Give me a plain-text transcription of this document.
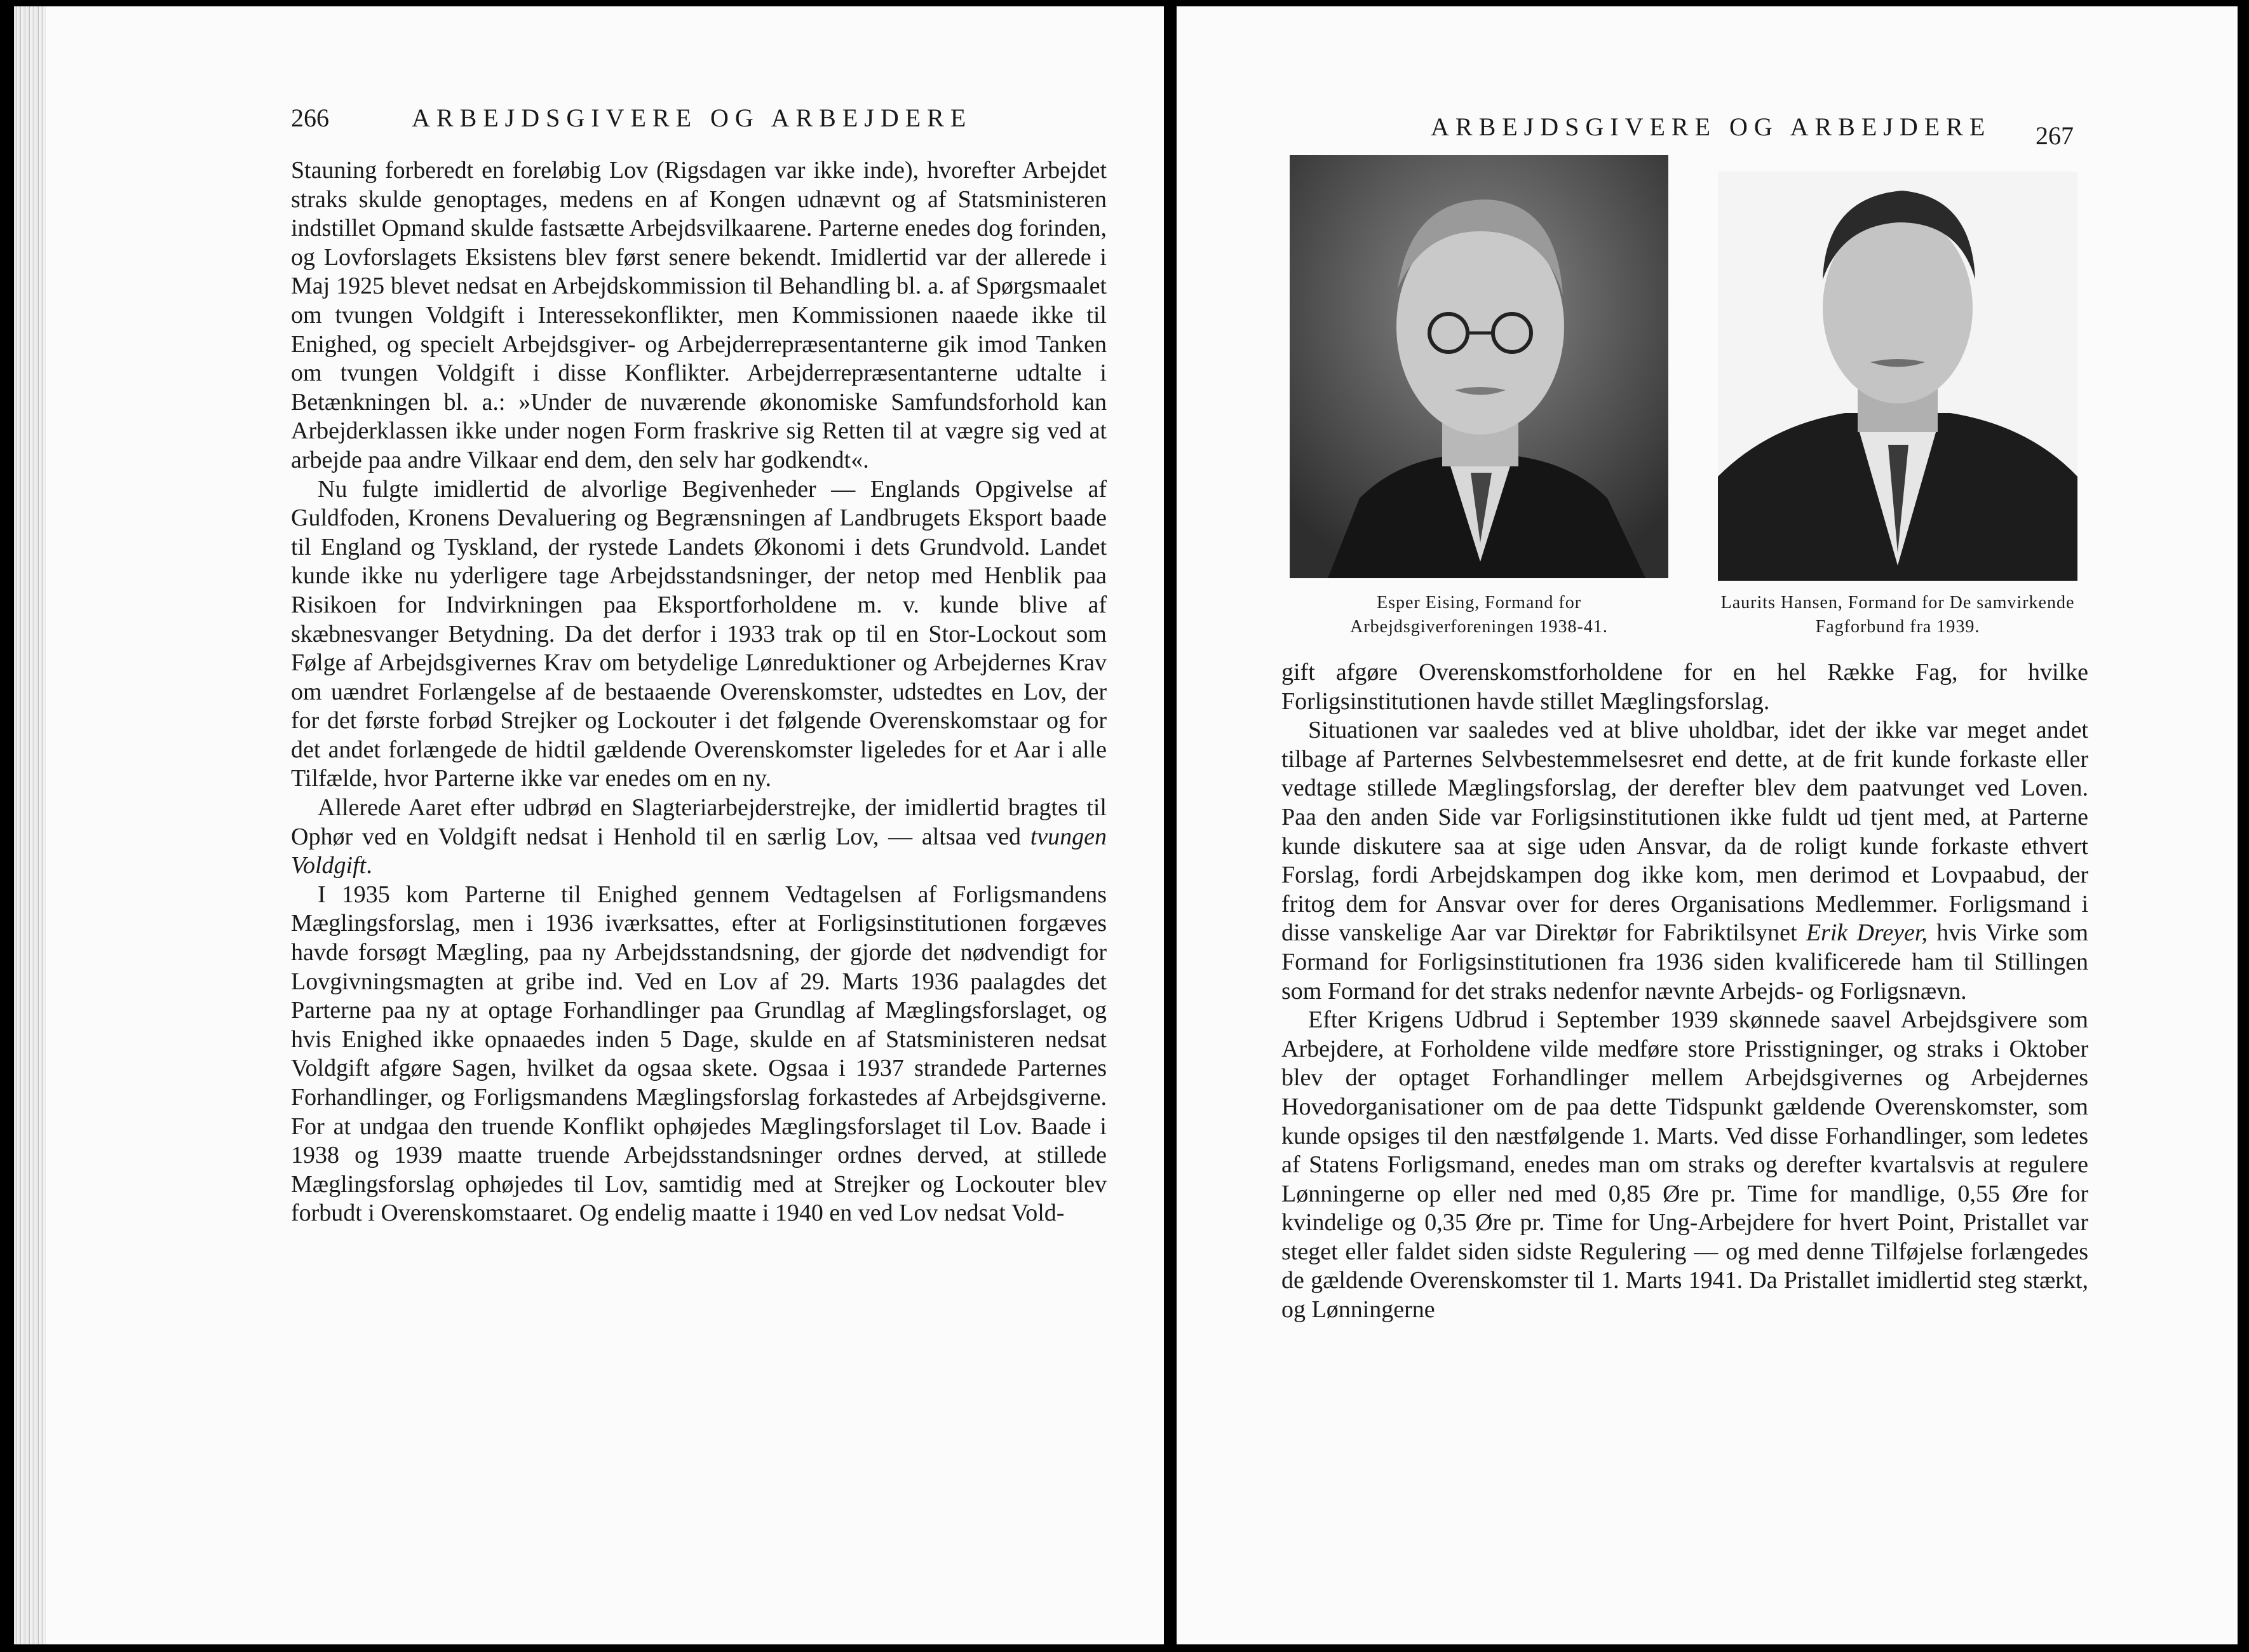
266	ARBEJDSGIVERE OG ARBEJDERE

Stauning forberedt en foreløbig Lov (Rigsdagen var ikke inde), hvorefter Arbejdet straks skulde genoptages, medens en af Kongen udnævnt og af Statsministeren indstillet Opmand skulde fastsætte Arbejdsvilkaarene. Parterne enedes dog forinden, og Lovforslagets Eksistens blev først senere bekendt. Imidlertid var der allerede i Maj 1925 blevet nedsat en Arbejdskommission til Behandling bl. a. af Spørgsmaalet om tvungen Voldgift i Interessekonflikter, men Kommissionen naaede ikke til Enighed, og specielt Arbejdsgiver- og Arbejderrepræsentanterne gik imod Tanken om tvungen Voldgift i disse Konflikter. Arbejderrepræsentanterne udtalte i Betænkningen bl. a.: »Under de nuværende økonomiske Samfundsforhold kan Arbejderklassen ikke under nogen Form fraskrive sig Retten til at vægre sig ved at arbejde paa andre Vilkaar end dem, den selv har godkendt«.

Nu fulgte imidlertid de alvorlige Begivenheder — Englands Opgivelse af Guldfoden, Kronens Devaluering og Begrænsningen af Landbrugets Eksport baade til England og Tyskland, der rystede Landets Økonomi i dets Grundvold. Landet kunde ikke nu yderligere tage Arbejdsstandsninger, der netop med Henblik paa Risikoen for Indvirkningen paa Eksportforholdene m. v. kunde blive af skæbnesvanger Betydning. Da det derfor i 1933 trak op til en Stor-Lockout som Følge af Arbejdsgivernes Krav om betydelige Lønreduktioner og Arbejdernes Krav om uændret Forlængelse af de bestaaende Overenskomster, udstedtes en Lov, der for det første forbød Strejker og Lockouter i det følgende Overenskomstaar og for det andet forlængede de hidtil gældende Overenskomster ligeledes for et Aar i alle Tilfælde, hvor Parterne ikke var enedes om en ny.

Allerede Aaret efter udbrød en Slagteriarbejderstrejke, der imidlertid bragtes til Ophør ved en Voldgift nedsat i Henhold til en særlig Lov, — altsaa ved tvungen Voldgift.

I 1935 kom Parterne til Enighed gennem Vedtagelsen af Forligsmandens Mæglingsforslag, men i 1936 iværksattes, efter at Forligsinstitutionen forgæves havde forsøgt Mægling, paa ny Arbejdsstandsning, der gjorde det nødvendigt for Lovgivningsmagten at gribe ind. Ved en Lov af 29. Marts 1936 paalagdes det Parterne paa ny at optage Forhandlinger paa Grundlag af Mæglingsforslaget, og hvis Enighed ikke opnaaedes inden 5 Dage, skulde en af Statsministeren nedsat Voldgift afgøre Sagen, hvilket da ogsaa skete. Ogsaa i 1937 strandede Parternes Forhandlinger, og Forligsmandens Mæglingsforslag forkastedes af Arbejdsgiverne. For at undgaa den truende Konflikt ophøjedes Mæglingsforslaget til Lov. Baade i 1938 og 1939 maatte truende Arbejdsstandsninger ordnes derved, at stillede Mæglingsforslag ophøjedes til Lov, samtidig med at Strejker og Lockouter blev forbudt i Overenskomstaaret. Og endelig maatte i 1940 en ved Lov nedsat Vold-

ARBEJDSGIVERE OG ARBEJDERE 267
Esper Eising, Formand for Arbejdsgiverforeningen 1938-41.
Laurits Hansen, Formand for De samvirkende Fagforbund fra 1939.

gift afgøre Overenskomstforholdene for en hel Række Fag, for hvilke Forligsinstitutionen havde stillet Mæglingsforslag.

Situationen var saaledes ved at blive uholdbar, idet der ikke var meget andet tilbage af Parternes Selvbestemmelsesret end dette, at de frit kunde forkaste eller vedtage stillede Mæglingsforslag, der derefter blev dem paatvunget ved Loven. Paa den anden Side var Forligsinstitutionen ikke fuldt ud tjent med, at Parterne kunde diskutere saa at sige uden Ansvar, da de roligt kunde forkaste ethvert Forslag, fordi Arbejdskampen dog ikke kom, men derimod et Lovpaabud, der fritog dem for Ansvar over for deres Organisations Medlemmer. Forligsmand i disse vanskelige Aar var Direktør for Fabriktilsynet Erik Dreyer, hvis Virke som Formand for Forligsinstitutionen fra 1936 siden kvalificerede ham til Stillingen som Formand for det straks nedenfor nævnte Arbejds- og Forligsnævn.

Efter Krigens Udbrud i September 1939 skønnede saavel Arbejdsgivere som Arbejdere, at Forholdene vilde medføre store Prisstigninger, og straks i Oktober blev der optaget Forhandlinger mellem Arbejdsgivernes og Arbejdernes Hovedorganisationer om de paa dette Tidspunkt gældende Overenskomster, som kunde opsiges til den næstfølgende 1. Marts. Ved disse Forhandlinger, som ledetes af Statens Forligsmand, enedes man om straks og derefter kvartalsvis at regulere Lønningerne op eller ned med 0,85 Øre pr. Time for mandlige, 0,55 Øre for kvindelige og 0,35 Øre pr. Time for Ung-Arbejdere for hvert Point, Pristallet var steget eller faldet siden sidste Regulering — og med denne Tilføjelse forlængedes de gældende Overenskomster til 1. Marts 1941. Da Pristallet imidlertid steg stærkt, og Lønningerne
